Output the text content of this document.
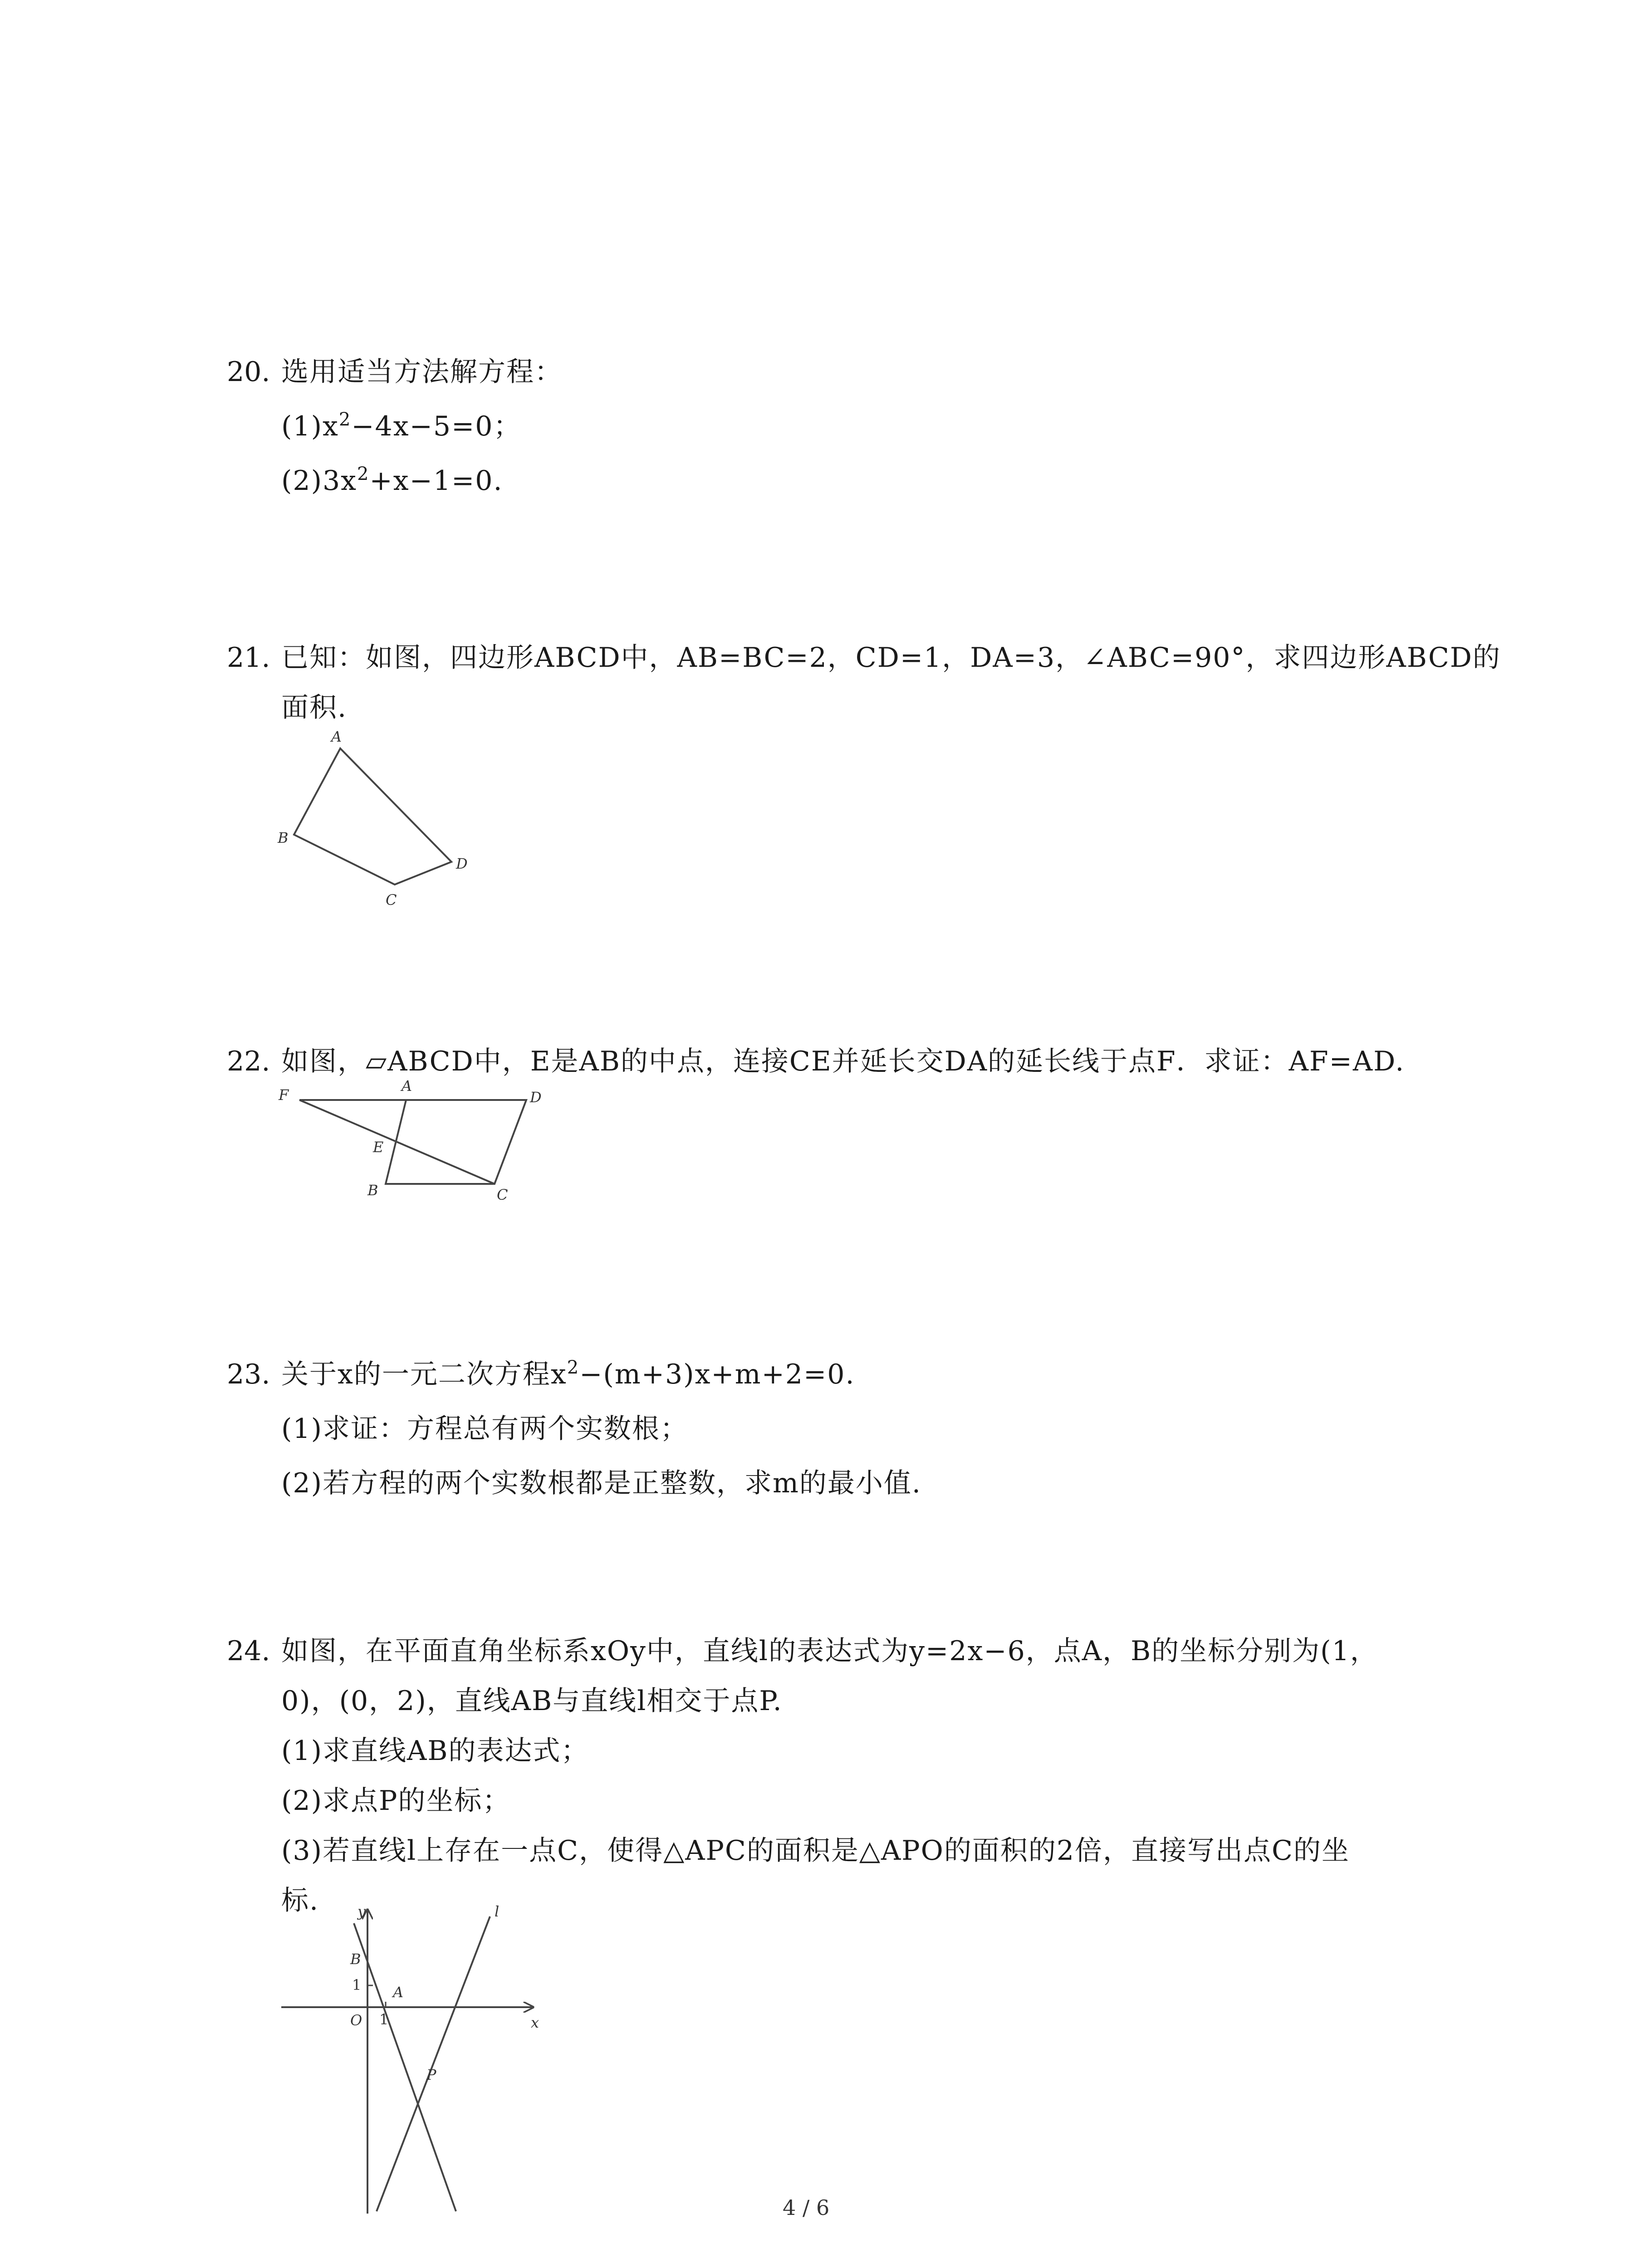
20. 选用适当方法解方程：
$(1)x^2-4x-5=0$；
$(2)3x^2+x-1=0$.
21. 已知：如图，四边形ABCD中，AB=BC=2，CD=1，DA=3，∠ABC=90°，求四边形ABCD的
面积.
A
B
C
D
22. 如图，▱ABCD中，E是AB的中点，连接CE并延长交DA的延长线于点F．求证：AF=AD.
F
A
D
E
B	C
23. 关于x的一元二次方程$x^2-(m+3)x+m+2=0$.
(1)求证：方程总有两个实数根；
(2)若方程的两个实数根都是正整数，求m的最小值.
24. 如图，在平面直角坐标系xOy中，直线l的表达式为y=2x−6，点A，B的坐标分别为(1，
0)，(0，2)，直线AB与直线l相交于点P.
(1)求直线AB的表达式；
(2)求点P的坐标；
(3)若直线l上存在一点C，使得△APC的面积是△APO的面积的2倍，直接写出点C的坐
标.	y	l
B
1 A
O 1	x
P
4 / 6
